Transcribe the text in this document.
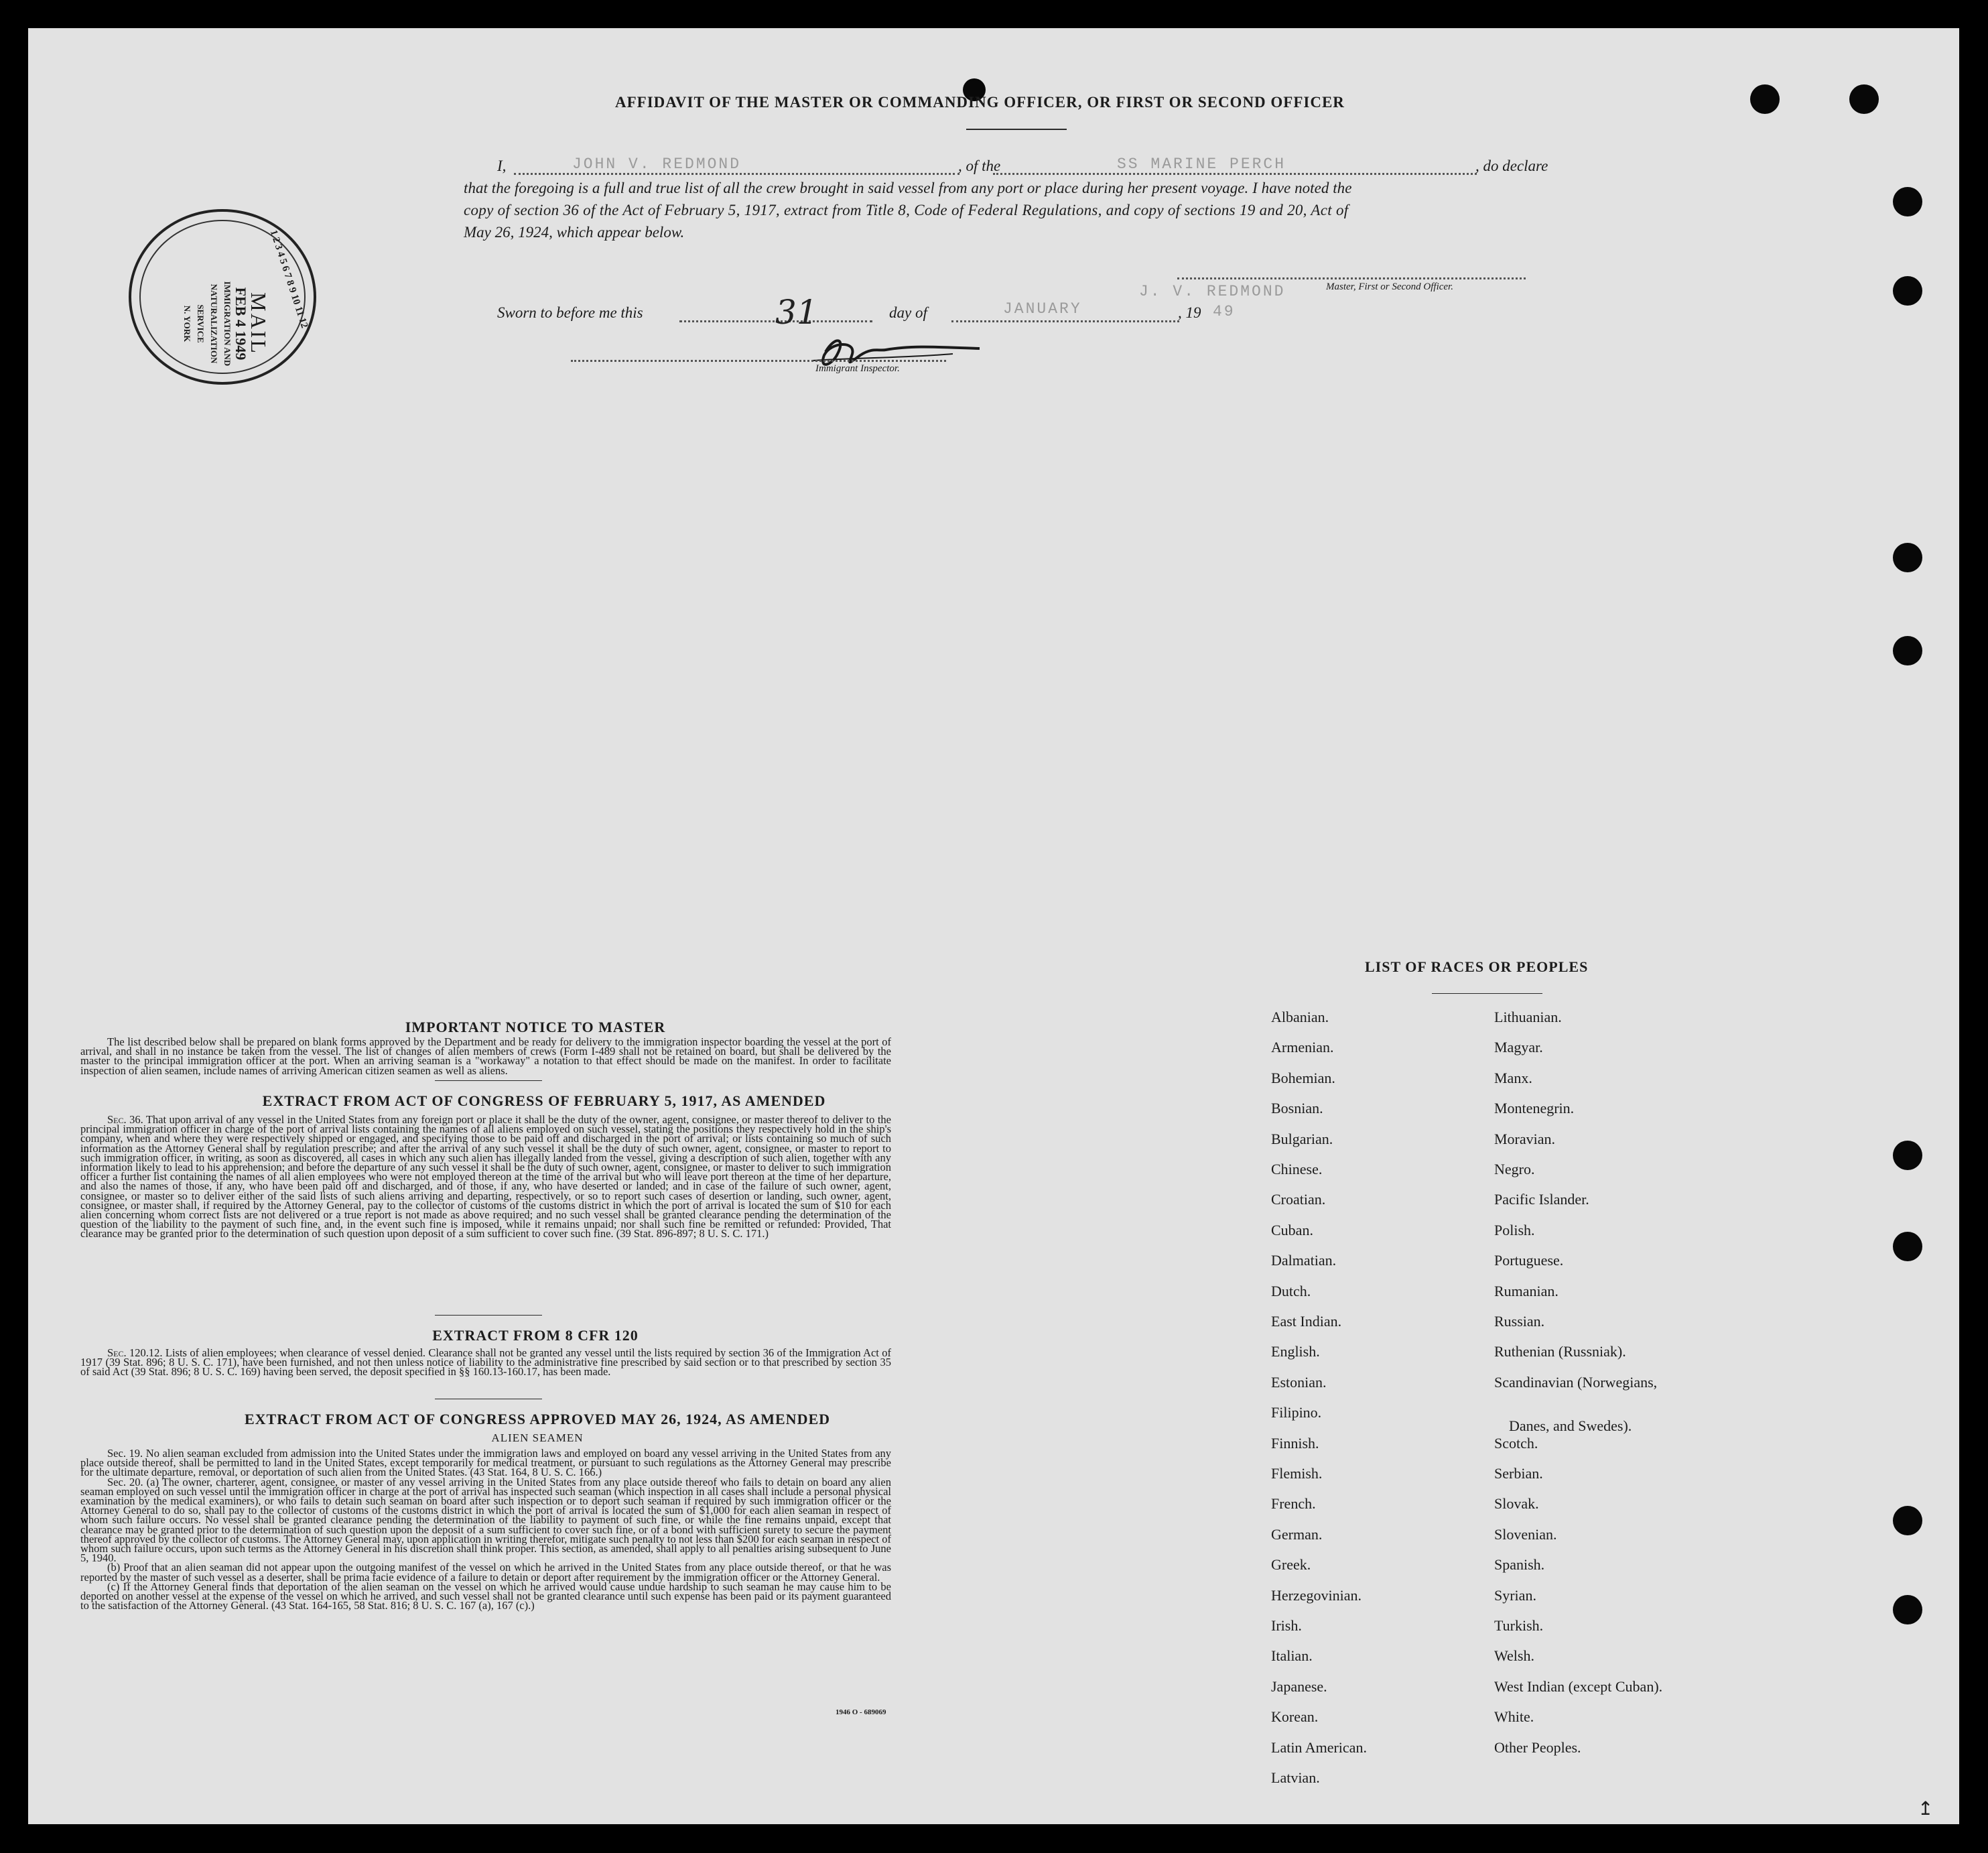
AFFIDAVIT OF THE MASTER OR COMMANDING OFFICER, OR FIRST OR SECOND OFFICER
I,	JOHN V. REDMOND	, of the	SS MARINE PERCH	, do declare
that the foregoing is a full and true list of all the crew brought in said vessel from any port or place during her present voyage. I have noted the
copy of section 36 of the Act of February 5, 1917, extract from Title 8, Code of Federal Regulations, and copy of sections 19 and 20, Act of
May 26, 1924, which appear below.
J. V. REDMOND	Master, First or Second Officer.
Sworn to before me this	31	day of	JANUARY	, 19 49
Immigrant Inspector.
1 2 3 4 5 6 7 8 9 10 11 12
MAIL
FEB 4 1949
IMMIGRATION AND
NATURALIZATION
SERVICE
N. YORK
IMPORTANT NOTICE TO MASTER

The list described below shall be prepared on blank forms approved by the Department and be ready for delivery to the immigration inspector boarding the vessel at the port of arrival, and shall in no instance be taken from the vessel. The list of changes of alien members of crews (Form I-489 shall not be retained on board, but shall be delivered by the master to the principal immigration officer at the port. When an arriving seaman is a "workaway" a notation to that effect should be made on the manifest. In order to facilitate inspection of alien seamen, include names of arriving American citizen seamen as well as aliens.

EXTRACT FROM ACT OF CONGRESS OF FEBRUARY 5, 1917, AS AMENDED

Sec. 36. That upon arrival of any vessel in the United States from any foreign port or place it shall be the duty of the owner, agent, consignee, or master thereof to deliver to the principal immigration officer in charge of the port of arrival lists containing the names of all aliens employed on such vessel, stating the positions they respectively hold in the ship's company, when and where they were respectively shipped or engaged, and specifying those to be paid off and discharged in the port of arrival; or lists containing so much of such information as the Attorney General shall by regulation prescribe; and after the arrival of any such vessel it shall be the duty of such owner, agent, consignee, or master to report to such immigration officer, in writing, as soon as discovered, all cases in which any such alien has illegally landed from the vessel, giving a description of such alien, together with any information likely to lead to his apprehension; and before the departure of any such vessel it shall be the duty of such owner, agent, consignee, or master to deliver to such immigration officer a further list containing the names of all alien employees who were not employed thereon at the time of the arrival but who will leave port thereon at the time of her departure, and also the names of those, if any, who have been paid off and discharged, and of those, if any, who have deserted or landed; and in case of the failure of such owner, agent, consignee, or master so to deliver either of the said lists of such aliens arriving and departing, respectively, or so to report such cases of desertion or landing, such owner, agent, consignee, or master shall, if required by the Attorney General, pay to the collector of customs of the customs district in which the port of arrival is located the sum of $10 for each alien concerning whom correct lists are not delivered or a true report is not made as above required; and no such vessel shall be granted clearance pending the determination of the question of the liability to the payment of such fine, and, in the event such fine is imposed, while it remains unpaid; nor shall such fine be remitted or refunded: Provided, That clearance may be granted prior to the determination of such question upon deposit of a sum sufficient to cover such fine. (39 Stat. 896-897; 8 U. S. C. 171.)

EXTRACT FROM 8 CFR 120

Sec. 120.12. Lists of alien employees; when clearance of vessel denied. Clearance shall not be granted any vessel until the lists required by section 36 of the Immigration Act of 1917 (39 Stat. 896; 8 U. S. C. 171), have been furnished, and not then unless notice of liability to the administrative fine prescribed by said section or to that prescribed by section 35 of said Act (39 Stat. 896; 8 U. S. C. 169) having been served, the deposit specified in §§ 160.13-160.17, has been made.

EXTRACT FROM ACT OF CONGRESS APPROVED MAY 26, 1924, AS AMENDED
ALIEN SEAMEN

Sec. 19. No alien seaman excluded from admission into the United States under the immigration laws and employed on board any vessel arriving in the United States from any place outside thereof, shall be permitted to land in the United States, except temporarily for medical treatment, or pursuant to such regulations as the Attorney General may prescribe for the ultimate departure, removal, or deportation of such alien from the United States. (43 Stat. 164, 8 U. S. C. 166.)

Sec. 20. (a) The owner, charterer, agent, consignee, or master of any vessel arriving in the United States from any place outside thereof who fails to detain on board any alien seaman employed on such vessel until the immigration officer in charge at the port of arrival has inspected such seaman (which inspection in all cases shall include a personal physical examination by the medical examiners), or who fails to detain such seaman on board after such inspection or to deport such seaman if required by such immigration officer or the Attorney General to do so, shall pay to the collector of customs of the customs district in which the port of arrival is located the sum of $1,000 for each alien seaman in respect of whom such failure occurs. No vessel shall be granted clearance pending the determination of the liability to payment of such fine, or while the fine remains unpaid, except that clearance may be granted prior to the determination of such question upon the deposit of a sum sufficient to cover such fine, or of a bond with sufficient surety to secure the payment thereof approved by the collector of customs. The Attorney General may, upon application in writing therefor, mitigate such penalty to not less than $200 for each seaman in respect of whom such failure occurs, upon such terms as the Attorney General in his discretion shall think proper. This section, as amended, shall apply to all penalties arising subsequent to June 5, 1940.

(b) Proof that an alien seaman did not appear upon the outgoing manifest of the vessel on which he arrived in the United States from any place outside thereof, or that he was reported by the master of such vessel as a deserter, shall be prima facie evidence of a failure to detain or deport after requirement by the immigration officer or the Attorney General.

(c) If the Attorney General finds that deportation of the alien seaman on the vessel on which he arrived would cause undue hardship to such seaman he may cause him to be deported on another vessel at the expense of the vessel on which he arrived, and such vessel shall not be granted clearance until such expense has been paid or its payment guaranteed to the satisfaction of the Attorney General. (43 Stat. 164-165, 58 Stat. 816; 8 U. S. C. 167 (a), 167 (c).)

1946 O - 689069
LIST OF RACES OR PEOPLES
↥
Albanian.
Armenian.
Bohemian.
Bosnian.
Bulgarian.
Chinese.
Croatian.
Cuban.
Dalmatian.
Dutch.
East Indian.
English.
Estonian.
Filipino.
Finnish.
Flemish.
French.
German.
Greek.
Herzegovinian.
Irish.
Italian.
Japanese.
Korean.
Latin American.
Latvian.
Lithuanian.
Magyar.
Manx.
Montenegrin.
Moravian.
Negro.
Pacific Islander.
Polish.
Portuguese.
Rumanian.
Russian.
Ruthenian (Russniak).
Scandinavian (Norwegians,
Danes, and Swedes).
Scotch.
Serbian.
Slovak.
Slovenian.
Spanish.
Syrian.
Turkish.
Welsh.
West Indian (except Cuban).
White.
Other Peoples.
